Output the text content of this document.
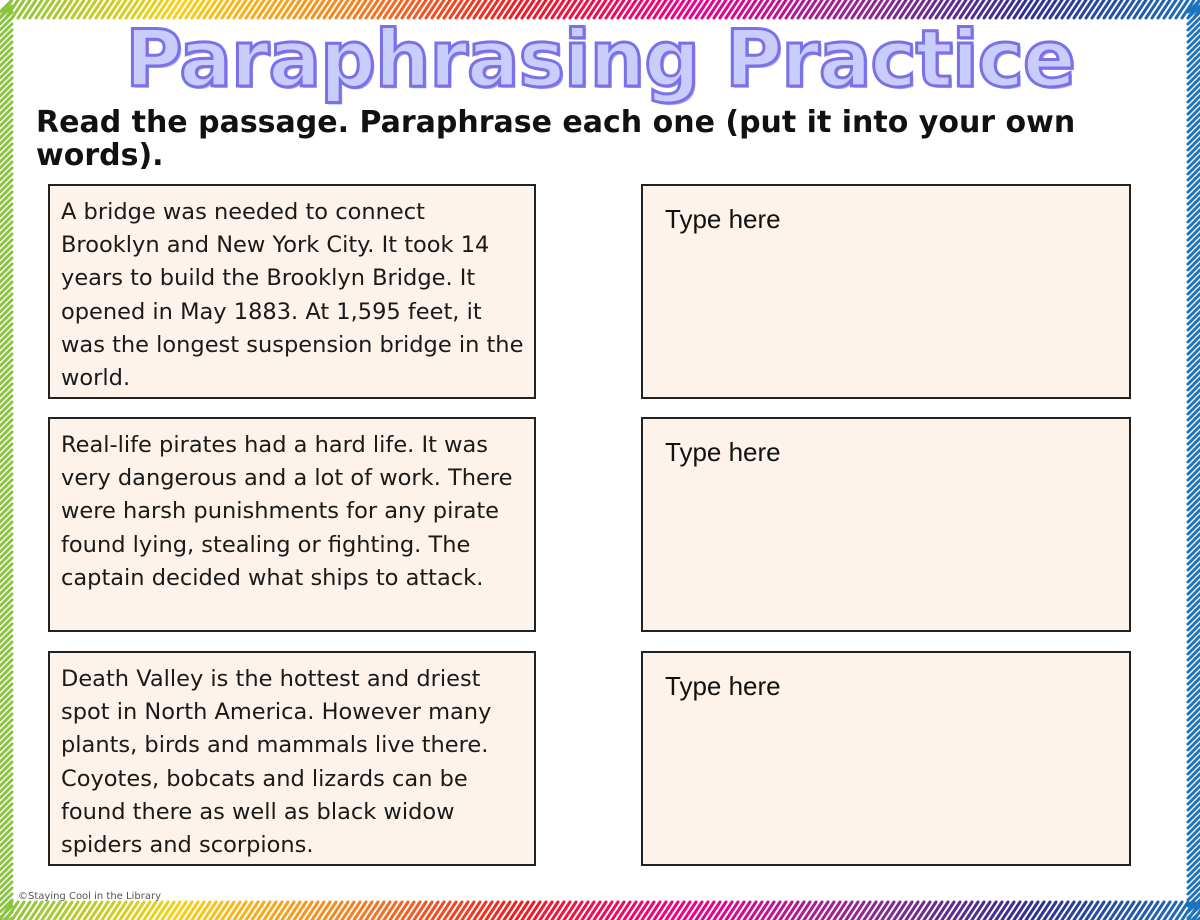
Paraphrasing Practice
Read the passage. Paraphrase each one (put it into your own words).
A bridge was needed to connect Brooklyn and New York City. It took 14 years to build the Brooklyn Bridge. It opened in May 1883. At 1,595 feet, it was the longest suspension bridge in the world.
Real-life pirates had a hard life. It was very dangerous and a lot of work. There were harsh punishments for any pirate found lying, stealing or fighting. The captain decided what ships to attack.
Death Valley is the hottest and driest spot in North America. However many plants, birds and mammals live there. Coyotes, bobcats and lizards can be found there as well as black widow spiders and scorpions.
Type here
Type here
Type here
©Staying Cool in the Library
